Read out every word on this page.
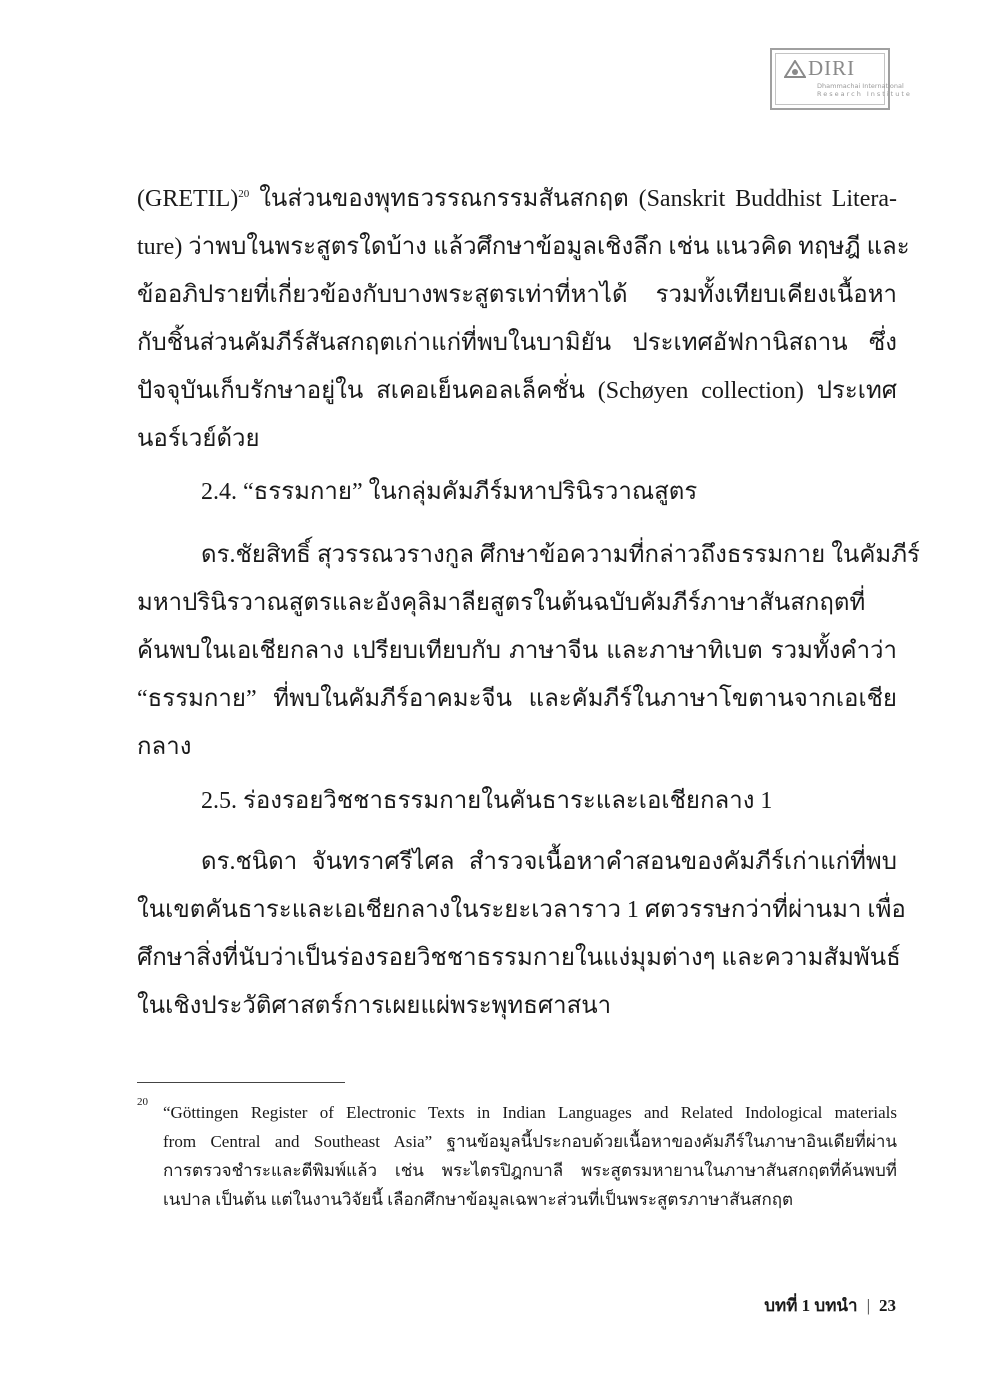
DIRI
Dhammachai International
Research Institute
(GRETIL)$^{20}$ ในส่วนของพุทธวรรณกรรมสันสกฤต (Sanskrit Buddhist Litera-
ture) ว่าพบในพระสูตรใดบ้าง แล้วศึกษาข้อมูลเชิงลึก เช่น แนวคิด ทฤษฎี และ
ข้ออภิปรายที่เกี่ยวข้องกับบางพระสูตรเท่าที่หาได้ รวมทั้งเทียบเคียงเนื้อหา
กับชิ้นส่วนคัมภีร์สันสกฤตเก่าแก่ที่พบในบามิยัน ประเทศอัฟกานิสถาน ซึ่ง
ปัจจุบันเก็บรักษาอยู่ใน สเคอเย็นคอลเล็คชั่น (Schøyen collection) ประเทศ
นอร์เวย์ด้วย
2.4. “ธรรมกาย” ในกลุ่มคัมภีร์มหาปรินิรวาณสูตร
ดร.ชัยสิทธิ์ สุวรรณวรางกูล ศึกษาข้อความที่กล่าวถึงธรรมกาย ในคัมภีร์
มหาปรินิรวาณสูตรและอังคุลิมาลียสูตรในต้นฉบับคัมภีร์ภาษาสันสกฤตที่
ค้นพบในเอเชียกลาง เปรียบเทียบกับ ภาษาจีน และภาษาทิเบต รวมทั้งคำว่า
“ธรรมกาย” ที่พบในคัมภีร์อาคมะจีน และคัมภีร์ในภาษาโขตานจากเอเชีย
กลาง
2.5. ร่องรอยวิชชาธรรมกายในคันธาระและเอเชียกลาง 1
ดร.ชนิดา จันทราศรีไศล สำรวจเนื้อหาคำสอนของคัมภีร์เก่าแก่ที่พบ
ในเขตคันธาระและเอเชียกลางในระยะเวลาราว 1 ศตวรรษกว่าที่ผ่านมา เพื่อ
ศึกษาสิ่งที่นับว่าเป็นร่องรอยวิชชาธรรมกายในแง่มุมต่างๆ และความสัมพันธ์
ในเชิงประวัติศาสตร์การเผยแผ่พระพุทธศาสนา
20
“Göttingen Register of Electronic Texts in Indian Languages and Related Indological materials
from Central and Southeast Asia” ฐานข้อมูลนี้ประกอบด้วยเนื้อหาของคัมภีร์ในภาษาอินเดียที่ผ่าน
การตรวจชำระและตีพิมพ์แล้ว เช่น พระไตรปิฎกบาลี พระสูตรมหายานในภาษาสันสกฤตที่ค้นพบที่
เนปาล เป็นต้น แต่ในงานวิจัยนี้ เลือกศึกษาข้อมูลเฉพาะส่วนที่เป็นพระสูตรภาษาสันสกฤต
บทที่ 1 บทนำ | 23
